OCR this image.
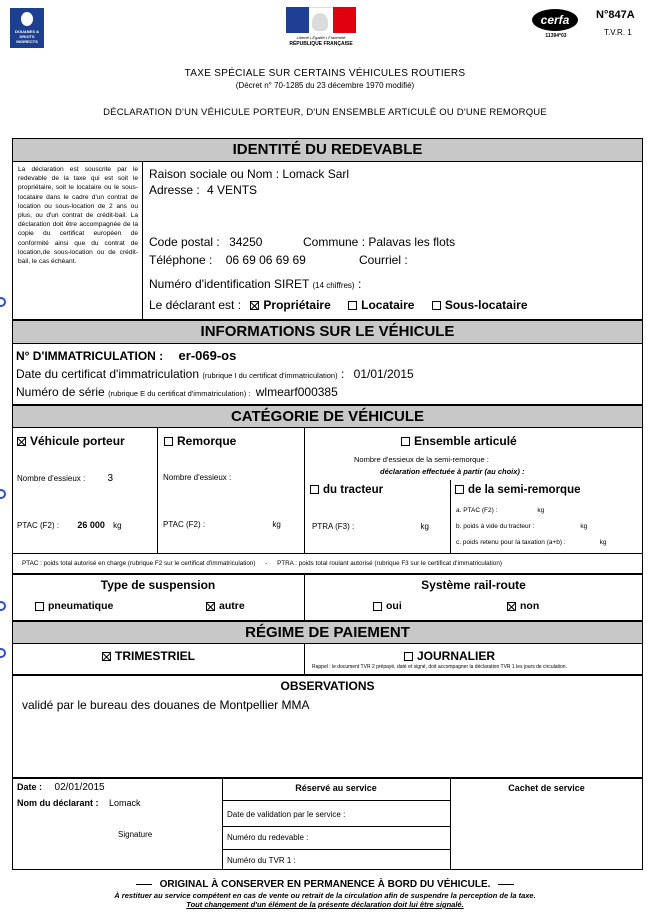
DOUANES & DROITS INDIRECTS
Liberté • Égalité • Fraternité
RÉPUBLIQUE FRANÇAISE
cerfa
11394*03
N°847A
T.V.R. 1
TAXE SPÉCIALE SUR CERTAINS VÉHICULES ROUTIERS
(Décret n° 70-1285 du 23 décembre 1970 modifié)
DÉCLARATION D'UN VÉHICULE PORTEUR, D'UN ENSEMBLE ARTICULÉ OU D'UNE REMORQUE
IDENTITÉ DU REDEVABLE
La déclaration est souscrite par le redevable de la taxe qui est soit le propriétaire, soit le locataire ou le sous-locataire dans le cadre d'un contrat de location ou sous-location de 2 ans ou plus, ou d'un contrat de crédit-bail. La déclaration doit être accompagnée de la copie du certificat européen de conformité ainsi que du contrat de location,de sous-location ou de crédit-bail, le cas échéant.
Raison sociale ou Nom : Lomack Sarl
Adresse : 4 VENTS
Code postal : 34250	Commune : Palavas les flots
Téléphone : 06 69 06 69 69	Courriel :
Numéro d'identification SIRET (14 chiffres) :
Le déclarant est : Propriétaire	Locataire	Sous-locataire
INFORMATIONS SUR LE VÉHICULE
N° D'IMMATRICULATION : er-069-os
Date du certificat d'immatriculation (rubrique I du certificat d'immatriculation) : 01/01/2015
Numéro de série (rubrique E du certificat d'immatriculation) : wlmearf000385
CATÉGORIE DE VÉHICULE
Véhicule porteur
Nombre d'essieux : 3
PTAC (F2) : 26 000 kg
Remorque
Nombre d'essieux :
PTAC (F2) :	kg
Ensemble articulé
Nombre d'essieux de la semi-remorque :
déclaration effectuée à partir (au choix) :
du tracteur	de la semi-remorque
PTRA (F3) :	kg
a. PTAC (F2) :	kg
b. poids à vide du tracteur :	kg
c. poids retenu pour la taxation (a+b) :	kg
PTAC : poids total autorisé en charge (rubrique F2 sur le certificat d'immatriculation) - PTRA : poids total roulant autorisé (rubrique F3 sur le certificat d'immatriculation)
Type de suspension
pneumatique	autre
Système rail-route
oui	non
RÉGIME DE PAIEMENT
TRIMESTRIEL	JOURNALIER
Rappel : le document TVR 2 prépayé, daté et signé, doit accompagner la déclaration TVR 1 les jours de circulation.
OBSERVATIONS
validé par le bureau des douanes de Montpellier MMA
Date : 02/01/2015
Nom du déclarant : Lomack
Signature
Réservé au service
Date de validation par le service :
Numéro du redevable :
Numéro du TVR 1 :
Cachet de service
ORIGINAL À CONSERVER EN PERMANENCE À BORD DU VÉHICULE.
À restituer au service compétent en cas de vente ou retrait de la circulation afin de suspendre la perception de la taxe.
Tout changement d'un élément de la présente déclaration doit lui être signalé.
